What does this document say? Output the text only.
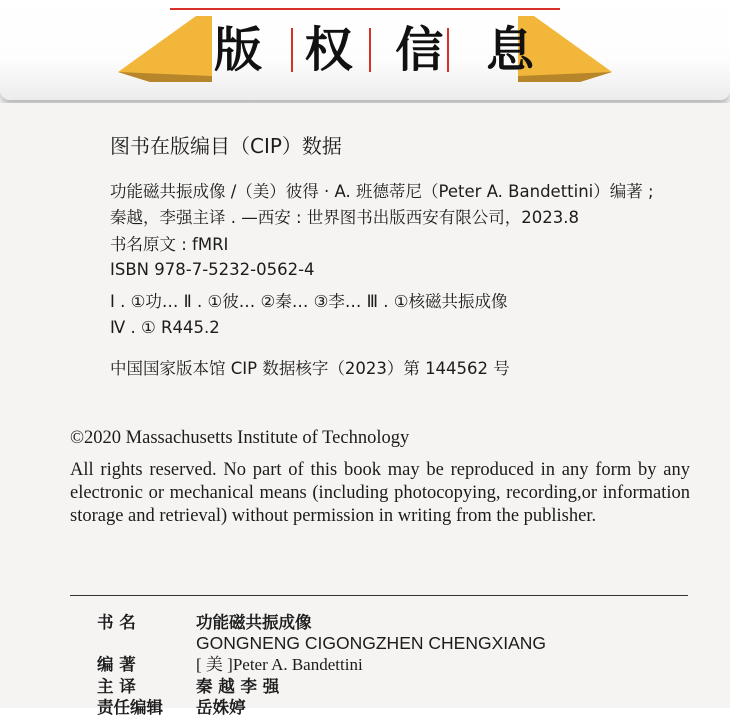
版 权 信 息
图书在版编目（CIP）数据
功能磁共振成像 /（美）彼得 · A. 班德蒂尼（Peter A. Bandettini）编著 ;
秦越，李强主译 . —西安 : 世界图书出版西安有限公司，2023.8
书名原文 : fMRI
ISBN 978-7-5232-0562-4
Ⅰ . ①功… Ⅱ . ①彼… ②秦… ③李… Ⅲ . ①核磁共振成像
Ⅳ . ① R445.2
中国国家版本馆 CIP 数据核字（2023）第 144562 号
©2020 Massachusetts Institute of Technology
All rights reserved. No part of this book may be reproduced in any form by any electronic or mechanical means (including photocopying, recording,or information storage and retrieval) without permission in writing from the publisher.
书 名	功能磁共振成像
GONGNENG CIGONGZHEN CHENGXIANG
编 著	[ 美 ]Peter A. Bandettini
主 译	秦 越 李 强
责任编辑 岳姝婷
